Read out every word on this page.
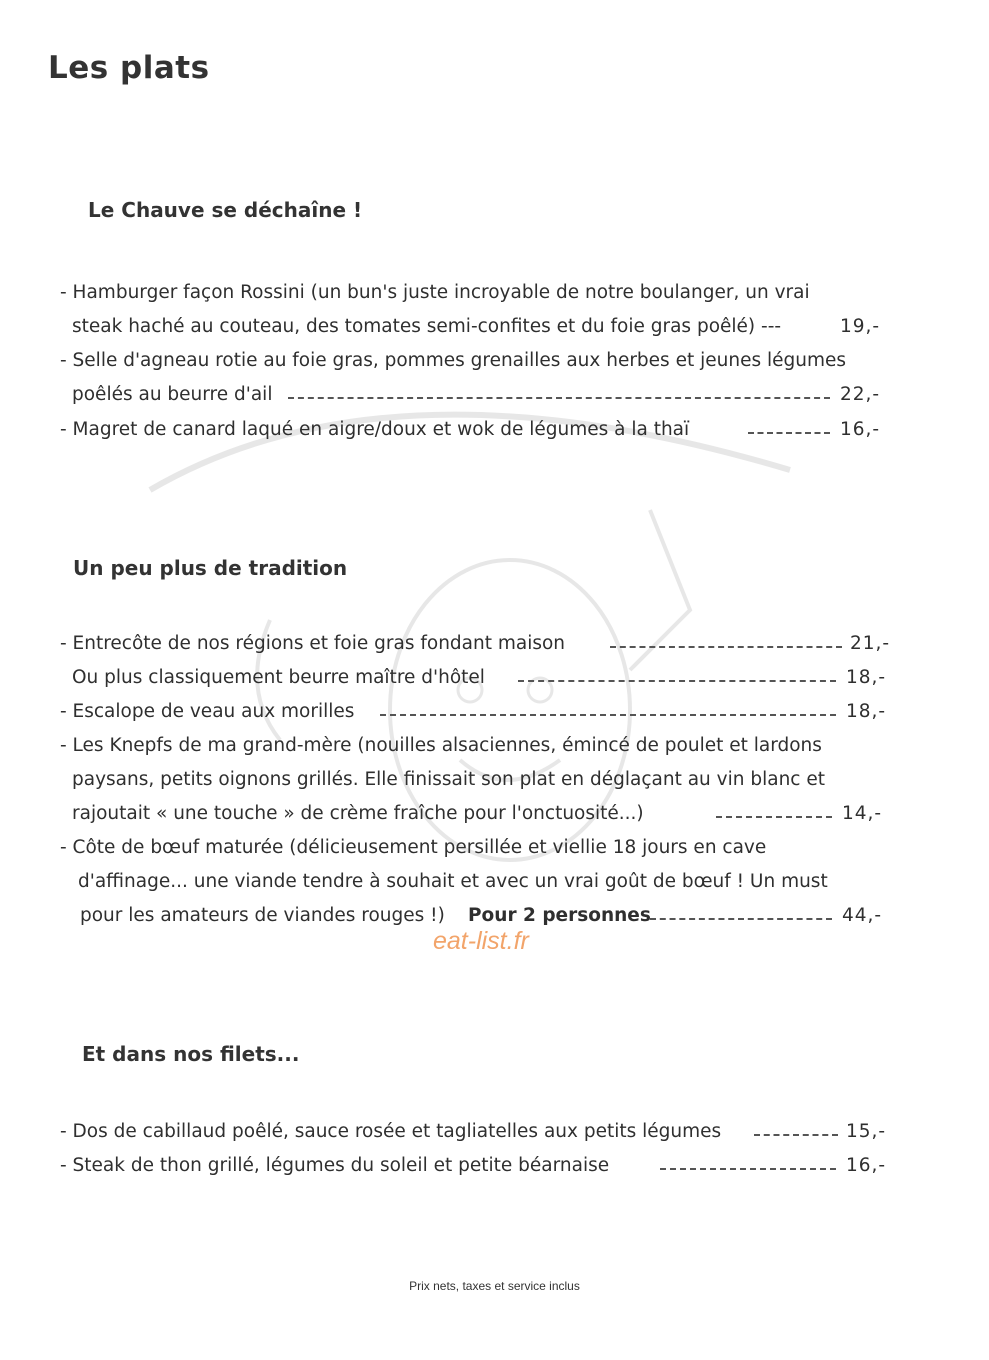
Les plats
Le Chauve se déchaîne !
- Hamburger façon Rossini (un bun's juste incroyable de notre boulanger, un vrai
steak haché au couteau, des tomates semi-confites et du foie gras poêlé) ---	19,-
- Selle d'agneau rotie au foie gras, pommes grenailles aux herbes et jeunes légumes
poêlés au beurre d'ail	22,-
- Magret de canard laqué en aigre/doux et wok de légumes à la thaï	16,-
Un peu plus de tradition
- Entrecôte de nos régions et foie gras fondant maison	21,-
Ou plus classiquement beurre maître d'hôtel	18,-
- Escalope de veau aux morilles	18,-
- Les Knepfs de ma grand-mère (nouilles alsaciennes, émincé de poulet et lardons
paysans, petits oignons grillés. Elle finissait son plat en déglaçant au vin blanc et
rajoutait « une touche » de crème fraîche pour l'onctuosité...)	14,-
- Côte de bœuf maturée (délicieusement persillée et viellie 18 jours en cave
d'affinage... une viande tendre à souhait et avec un vrai goût de bœuf ! Un must
pour les amateurs de viandes rouges !) Pour 2 personnes	44,-
eat-list.fr
Et dans nos filets...
- Dos de cabillaud poêlé, sauce rosée et tagliatelles aux petits légumes	15,-
- Steak de thon grillé, légumes du soleil et petite béarnaise	16,-
Prix nets, taxes et service inclus
